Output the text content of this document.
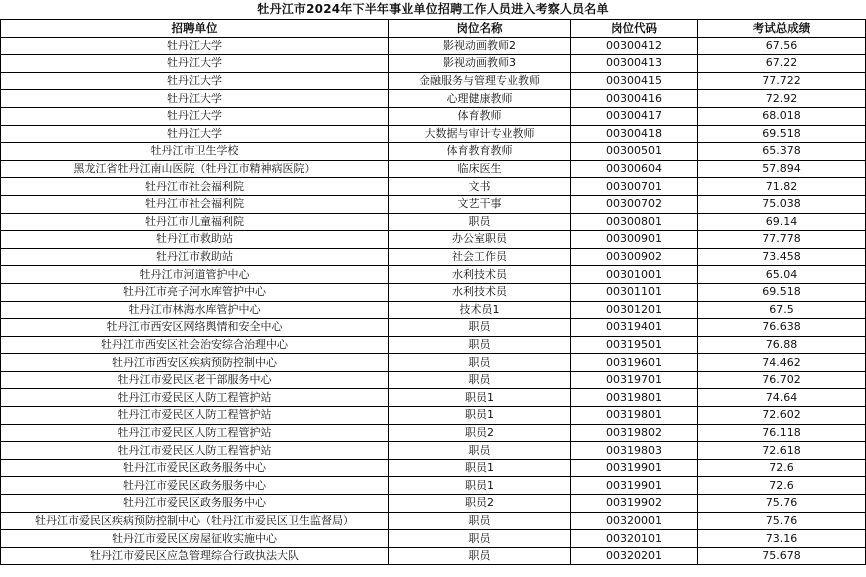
牡丹江市2024年下半年事业单位招聘工作人员进入考察人员名单
招聘单位	岗位名称	岗位代码	考试总成绩
牡丹江大学	影视动画教师2	00300412	67.56
牡丹江大学	影视动画教师3	00300413	67.22
牡丹江大学	金融服务与管理专业教师	00300415	77.722
牡丹江大学	心理健康教师	00300416	72.92
牡丹江大学	体育教师	00300417	68.018
牡丹江大学	大数据与审计专业教师	00300418	69.518
牡丹江市卫生学校	体育教育教师	00300501	65.378
黑龙江省牡丹江南山医院（牡丹江市精神病医院）	临床医生	00300604	57.894
牡丹江市社会福利院	文书	00300701	71.82
牡丹江市社会福利院	文艺干事	00300702	75.038
牡丹江市儿童福利院	职员	00300801	69.14
牡丹江市救助站	办公室职员	00300901	77.778
牡丹江市救助站	社会工作员	00300902	73.458
牡丹江市河道管护中心	水利技术员	00301001	65.04
牡丹江市亮子河水库管护中心	水利技术员	00301101	69.518
牡丹江市林海水库管护中心	技术员1	00301201	67.5
牡丹江市西安区网络舆情和安全中心	职员	00319401	76.638
牡丹江市西安区社会治安综合治理中心	职员	00319501	76.88
牡丹江市西安区疾病预防控制中心	职员	00319601	74.462
牡丹江市爱民区老干部服务中心	职员	00319701	76.702
牡丹江市爱民区人防工程管护站	职员1	00319801	74.64
牡丹江市爱民区人防工程管护站	职员1	00319801	72.602
牡丹江市爱民区人防工程管护站	职员2	00319802	76.118
牡丹江市爱民区人防工程管护站	职员	00319803	72.618
牡丹江市爱民区政务服务中心	职员1	00319901	72.6
牡丹江市爱民区政务服务中心	职员1	00319901	72.6
牡丹江市爱民区政务服务中心	职员2	00319902	75.76
牡丹江市爱民区疾病预防控制中心（牡丹江市爱民区卫生监督局）	职员	00320001	75.76
牡丹江市爱民区房屋征收实施中心	职员	00320101	73.16
牡丹江市爱民区应急管理综合行政执法大队	职员	00320201	75.678
